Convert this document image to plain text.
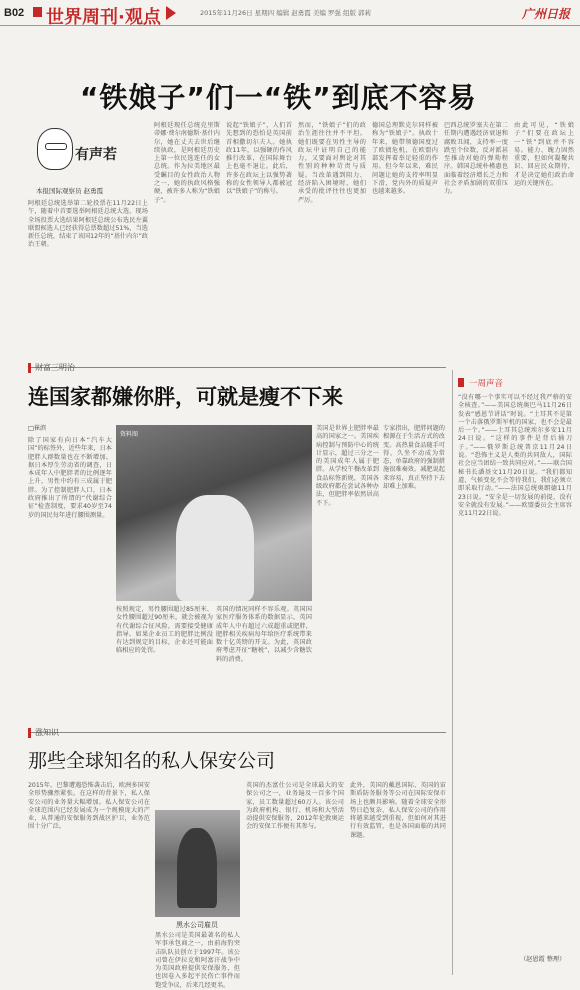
B02 世界周刊·观点	2015年11月26日 星期四 编辑 赵勇霞 美编 罗强 组版 郭莉	广州日报
“铁娘子”们一“铁”到底不容易
有声若
本报国际观察员 赵勇霞
阿根廷总统选举第二轮投票在11月22日上午，随着中首要选举阿根廷总统大选，现场全场投票大选结果阿根廷总统公布选民左翼联盟候选人已经获得总票数超过51%，当选新任总统，结束了该国12年的“基什内尔”政治王朝。
阿根廷现任总统克里斯蒂娜·费尔南德斯·基什内尔，她在丈夫去世后继续执政，是阿根廷历史上第一位民选连任的女总统。作为拉美地区最受瞩目的女性政治人物之一，她的执政风格强硬，被许多人称为“铁娘子”。
说起“铁娘子”，人们首先想到的恐怕是英国前首相撒切尔夫人。她执政11年，以强硬的作风推行改革，在国际舞台上也毫不退让。此后，许多在政坛上以强势著称的女性领导人都被冠以“铁娘子”的称号。
然而，“铁娘子”们的政治生涯往往并不平坦。她们既要在男性主导的政坛中证明自己的能力，又要面对舆论对其性别的种种苛责与质疑。当改革遇到阻力、经济陷入困境时，她们承受的批评往往也更加严厉。
德国总理默克尔同样被称为“铁娘子”。执政十年来，她带领德国度过了欧债危机，在欧盟内部发挥着举足轻重的作用。但今年以来，难民问题让她的支持率明显下滑，党内外的质疑声也越来越多。
巴西总统罗塞夫在第二任期内遭遇经济衰退和腐败丑闻，支持率一度跌至个位数，反对派甚至推动对她的弹劾程序。韩国总统朴槿惠也面临着经济增长乏力和社会矛盾加剧的双重压力。
由此可见，“铁娘子”们要在政坛上一“铁”到底并不容易。能力、魄力固然重要，但如何凝聚共识、回应民众期待，才是决定她们政治命运的关键所在。
财富三明治
连国家都嫌你胖，可就是瘦不下来
□崔滨
除了国家有向日本“汽车大国”的标签外，近些年来，日本肥胖人群数量也在不断增加。据日本厚生劳动省的调查，日本成年人中肥胖者的比例逐年上升，男性中约有三成属于肥胖。为了控制肥胖人口，日本政府推出了所谓的“代谢综合征”检查制度，要求40岁至74岁的国民每年进行腰围测量。
资料图
按照规定，男性腰围超过85厘米、女性腰围超过90厘米，就会被视为有代谢综合征风险，需要接受健康指导。如果企业员工的肥胖比例没有达到规定的目标，企业还可能面临相应的处罚。
英国的情况同样不容乐观。英国国家医疗服务体系的数据显示，英国成年人中有超过六成超重或肥胖，肥胖相关疾病每年给医疗系统带来数十亿英镑的开支。为此，英国政府考虑开征“糖税”，以减少含糖饮料的消费。
美国是世界上肥胖率最高的国家之一。美国疾病控制与预防中心的统计显示，超过三分之一的美国成年人属于肥胖。从学校午餐改革到食品标签新规，美国各级政府都在尝试各种办法，但肥胖率依然居高不下。
专家指出，肥胖问题的根源在于生活方式的改变。高热量食品随手可得，久坐不动成为常态，单靠政府的强制措施很难奏效。减肥说起来容易，真正坚持下去却难上加难。
涨知识
那些全球知名的私人保安公司
2015年，巴黎遭遇恐怖袭击后，欧洲多国安全形势骤然紧张。在这样的背景下，私人保安公司的业务量大幅增加。私人保安公司在全球范围内已经发展成为一个规模庞大的产业，从普通的安保服务到战区护卫，业务范围十分广泛。
黑水公司雇员
黑水公司是美国最著名的私人军事承包商之一，由前海豹突击队队员创立于1997年。该公司曾在伊拉克和阿富汗战争中为美国政府提供安保服务，但也因卷入多起平民伤亡事件而饱受争议，后来几经更名。
英国的杰富仕公司是全球最大的安保公司之一，业务遍及一百多个国家，员工数量超过60万人。该公司为政府机构、银行、机场和大型活动提供安保服务，2012年伦敦奥运会的安保工作便有其参与。
此外，美国的戴恩国际、英国的宙斯盾防务服务等公司在国际安保市场上也颇具影响。随着全球安全形势日趋复杂，私人保安公司的作用将越来越受到重视，但如何对其进行有效监管，也是各国面临的共同课题。
一周声音
“没有哪一个事实可以不经过我严格的安全核查。”——美国总统奥巴马11月26日发表“感恩节讲话”时说。“土耳其不是第一个击落俄罗斯军机的国家，也不会是最后一个。”——土耳其总统埃尔多安11月24日说。“这样的事件是背后捅刀子。”——俄罗斯总统普京11月24日说。“恐怖主义是人类的共同敌人，国际社会应当团结一致共同应对。”——联合国秘书长潘基文11月20日说。“我们都知道，气候变化不会等待我们，我们必须立即采取行动。”——法国总统奥朗德11月23日说。“安全是一切发展的前提，没有安全就没有发展。”——欧盟委员会主席容克11月22日说。
（赵恩霞 整理）
